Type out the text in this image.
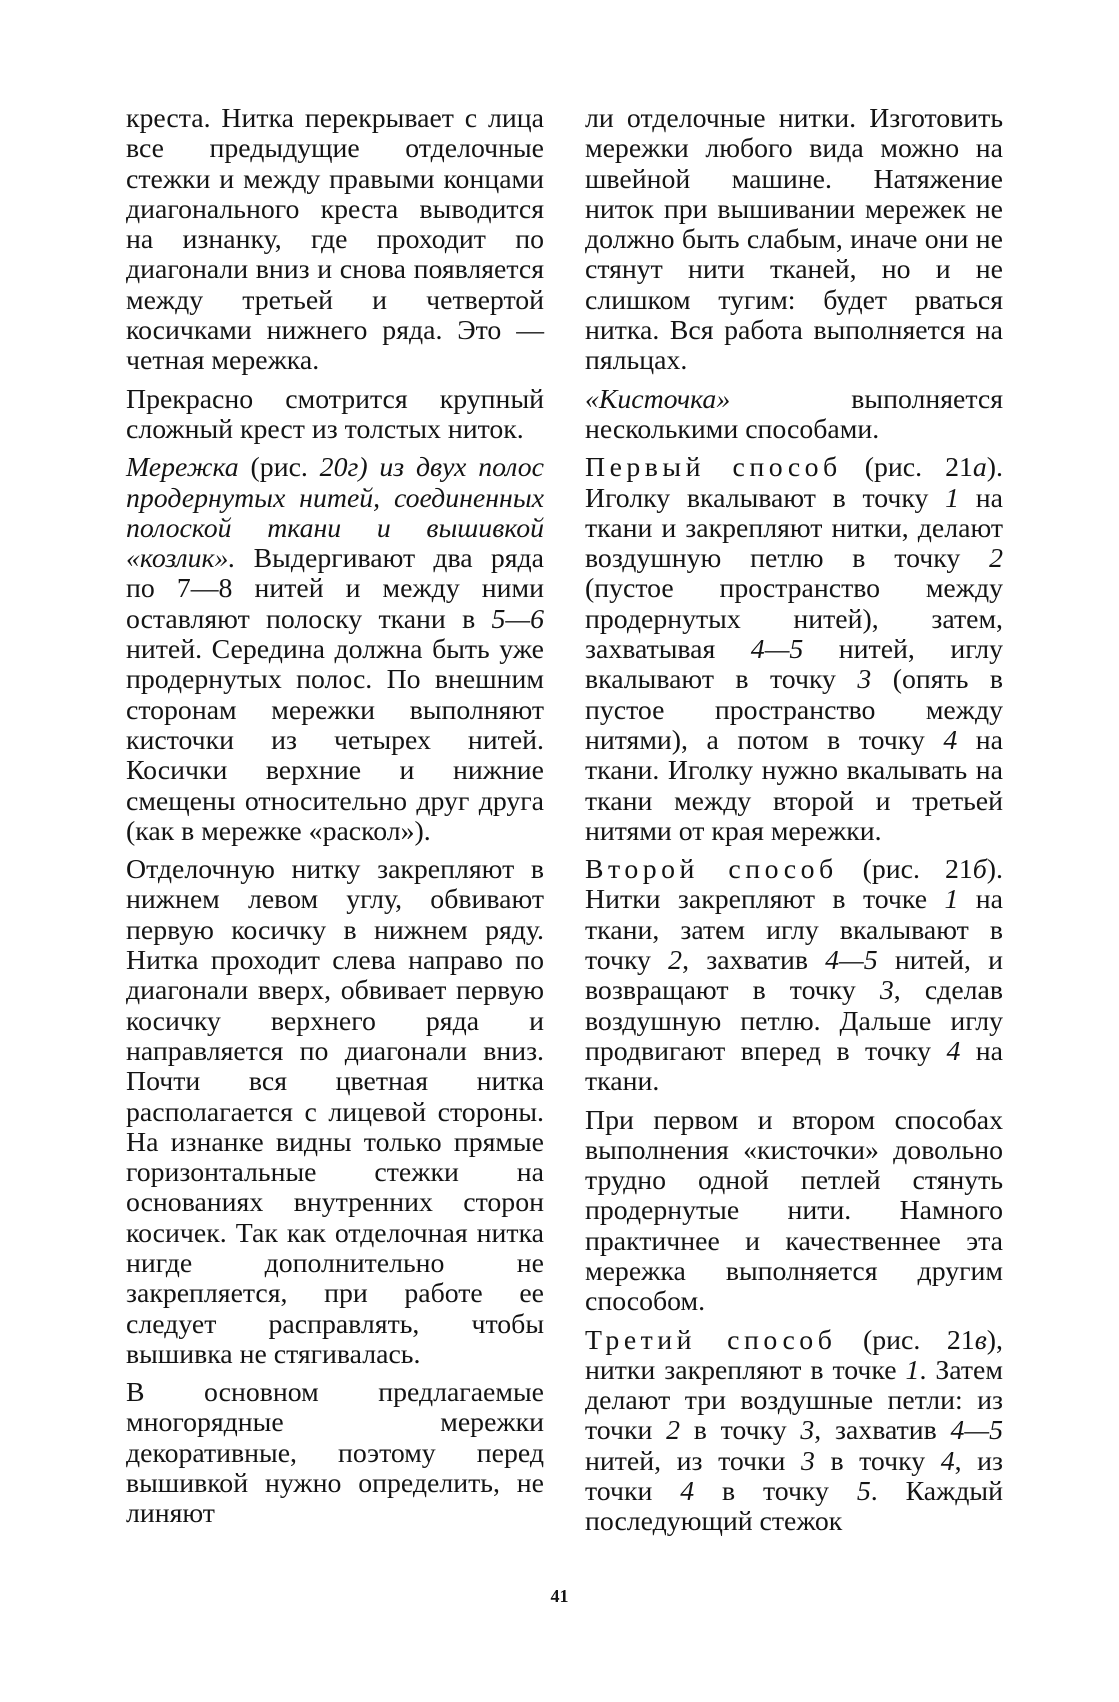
креста. Нитка перекрывает с лица все предыдущие отделочные стежки и между правыми концами диагонального креста выводится на изнанку, где проходит по диагонали вниз и снова появляется между третьей и четвертой косичками нижнего ряда. Это — четная мережка.

Прекрасно смотрится крупный сложный крест из толстых ниток.

Мережка (рис. 20г) из двух полос продернутых нитей, соединенных полоской ткани и вышивкой «козлик». Выдергивают два ряда по 7—8 нитей и между ними оставляют полоску ткани в 5—6 нитей. Середина должна быть уже продернутых полос. По внешним сторонам мережки выполняют кисточки из четырех нитей. Косички верхние и нижние смещены относительно друг друга (как в мережке «раскол»).

Отделочную нитку закрепляют в нижнем левом углу, обвивают первую косичку в нижнем ряду. Нитка проходит слева направо по диагонали вверх, обвивает первую косичку верхнего ряда и направляется по диагонали вниз. Почти вся цветная нитка располагается с лицевой стороны. На изнанке видны только прямые горизонтальные стежки на основаниях внутренних сторон косичек. Так как отделочная нитка нигде дополнительно не закрепляется, при работе ее следует расправлять, чтобы вышивка не стягивалась.

В основном предлагаемые многорядные мережки декоративные, поэтому перед вышивкой нужно определить, не линяют

ли отделочные нитки. Изготовить мережки любого вида можно на швейной машине. Натяжение ниток при вышивании мережек не должно быть слабым, иначе они не стянут нити тканей, но и не слишком тугим: будет рваться нитка. Вся работа выполняется на пяльцах.

«Кисточка» выполняется несколькими способами.

Первый способ (рис. 21а). Иголку вкалывают в точку 1 на ткани и закрепляют нитки, делают воздушную петлю в точку 2 (пустое пространство между продернутых нитей), затем, захватывая 4—5 нитей, иглу вкалывают в точку 3 (опять в пустое пространство между нитями), а потом в точку 4 на ткани. Иголку нужно вкалывать на ткани между второй и третьей нитями от края мережки.

Второй способ (рис. 21б). Нитки закрепляют в точке 1 на ткани, затем иглу вкалывают в точку 2, захватив 4—5 нитей, и возвращают в точку 3, сделав воздушную петлю. Дальше иглу продвигают вперед в точку 4 на ткани.

При первом и втором способах выполнения «кисточки» довольно трудно одной петлей стянуть продернутые нити. Намного практичнее и качественнее эта мережка выполняется другим способом.

Третий способ (рис. 21в), нитки закрепляют в точке 1. Затем делают три воздушные петли: из точки 2 в точку 3, захватив 4—5 нитей, из точки 3 в точку 4, из точки 4 в точку 5. Каждый последующий стежок

41
